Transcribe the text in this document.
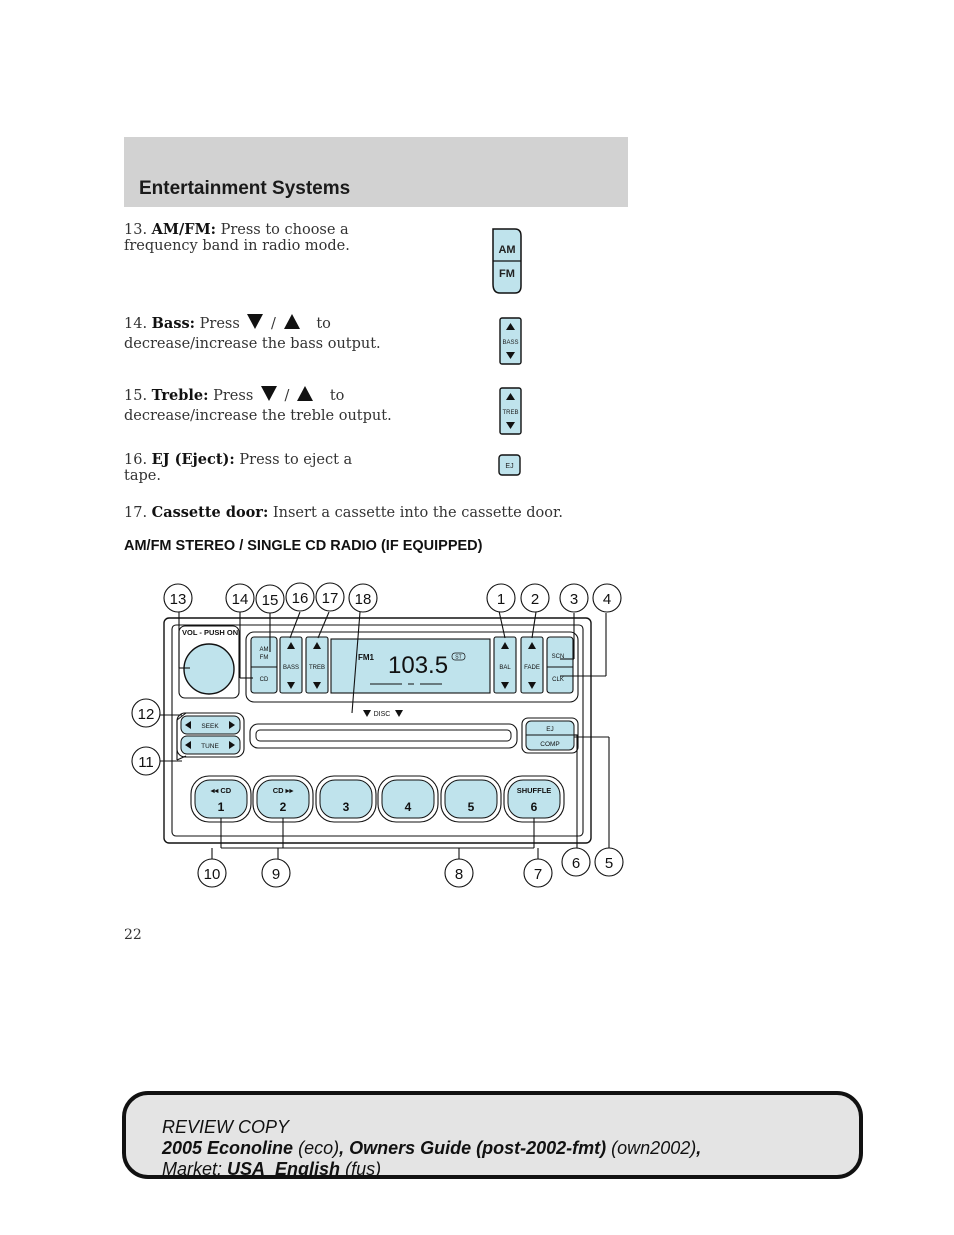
Entertainment Systems
13. AM/FM: Press to choose a
frequency band in radio mode.	AM
FM
14. Bass: Press /	to
decrease/increase the bass output.	BASS
15. Treble: Press /	to
decrease/increase the treble output.	TREB
16. EJ (Eject): Press to eject a
tape.
EJ
17. Cassette door: Insert a cassette into the cassette door.
AM/FM STEREO / SINGLE CD RADIO (IF EQUIPPED)
VOL - PUSH ON
AM
FM
CD
BASS TREB
FM1 103.5 ST
BAL FADE
SCN
CLK
DISC
SEEK
TUNE
EJ
COMP
◂◂ CD
1
CD ▸▸
2	3	4	5
SHUFFLE
6
13	14 15 16 17 18	1 2 3 4
12
11
10	9	8	7
6 5
22
REVIEW COPY
2005 Econoline (eco), Owners Guide (post-2002-fmt) (own2002),
Market: USA_English (fus)
